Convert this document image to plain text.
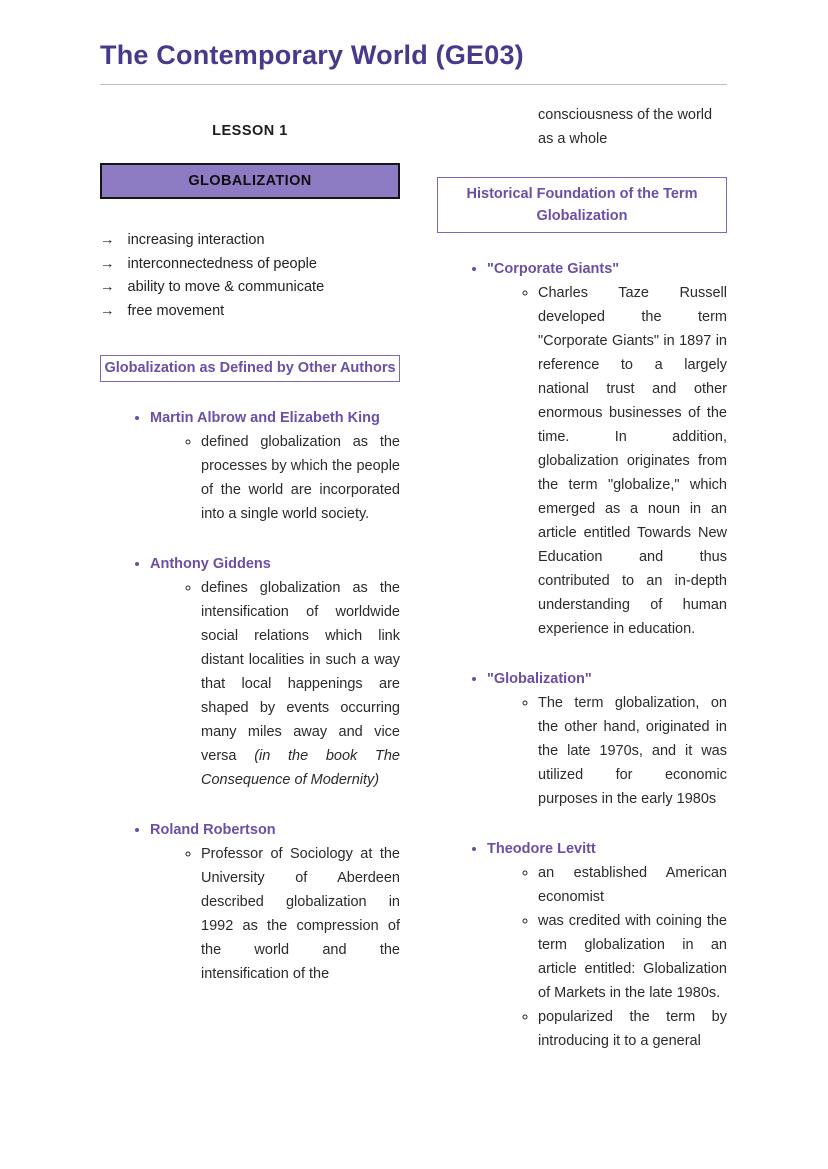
The Contemporary World (GE03)
LESSON 1
GLOBALIZATION
→ increasing interaction
→ interconnectedness of people
→ ability to move & communicate
→ free movement
Globalization as Defined by Other Authors
• Martin Albrow and Elizabeth King
◦ defined globalization as the processes by which the people of the world are incorporated into a single world society.
• Anthony Giddens
◦ defines globalization as the intensification of worldwide social relations which link distant localities in such a way that local happenings are shaped by events occurring many miles away and vice versa (in the book The Consequence of Modernity)
• Roland Robertson
◦ Professor of Sociology at the University of Aberdeen described globalization in 1992 as the compression of the world and the intensification of the

consciousness of the world as a whole

Historical Foundation of the Term Globalization
• "Corporate Giants"
◦ Charles Taze Russell developed the term "Corporate Giants" in 1897 in reference to a largely national trust and other enormous businesses of the time. In addition, globalization originates from the term "globalize," which emerged as a noun in an article entitled Towards New Education and thus contributed to an in-depth understanding of human experience in education.
• "Globalization"
◦ The term globalization, on the other hand, originated in the late 1970s, and it was utilized for economic purposes in the early 1980s
• Theodore Levitt
◦ an established American economist
◦ was credited with coining the term globalization in an article entitled: Globalization of Markets in the late 1980s.
◦ popularized the term by introducing it to a general
